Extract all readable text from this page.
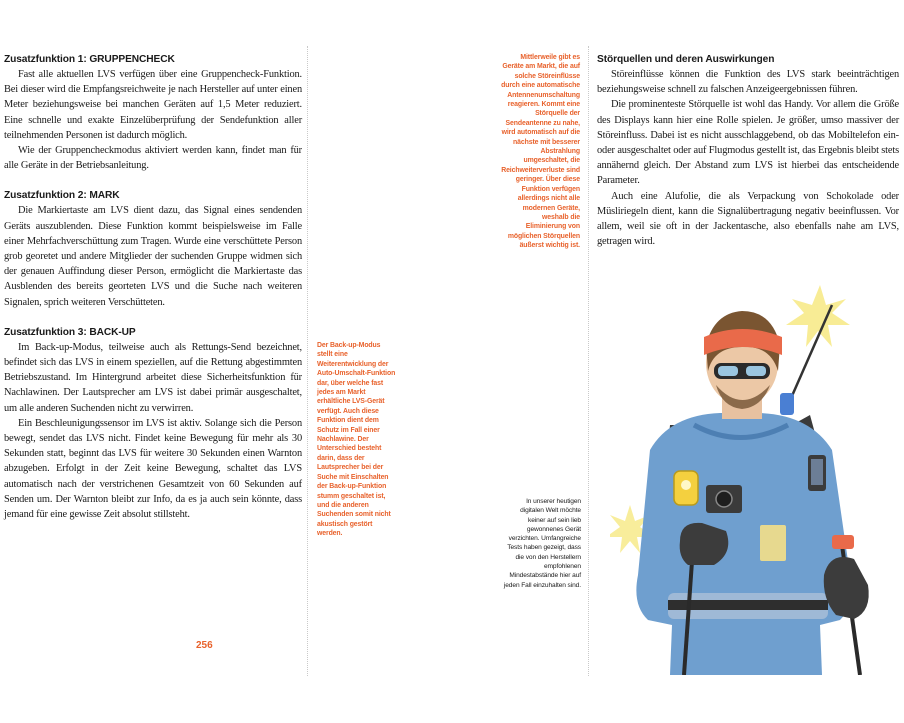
Zusatzfunktion 1: GRUPPENCHECK

Fast alle aktuellen LVS verfügen über eine Gruppencheck-Funktion. Bei dieser wird die Empfangsreichweite je nach Hersteller auf unter einen Meter beziehungsweise bei manchen Geräten auf 1,5 Meter reduziert. Eine schnelle und exakte Einzelüberprüfung der Sendefunktion aller teilnehmenden Personen ist dadurch möglich.

Wie der Gruppencheckmodus aktiviert werden kann, findet man für alle Geräte in der Betriebsanleitung.

Zusatzfunktion 2: MARK

Die Markiertaste am LVS dient dazu, das Signal eines sendenden Geräts auszublenden. Diese Funktion kommt beispielsweise im Falle einer Mehrfachverschüttung zum Tragen. Wurde eine verschüttete Person grob georetet und andere Mitglieder der suchenden Gruppe widmen sich der genauen Auffindung dieser Person, ermöglicht die Markiertaste das Ausblenden des bereits georteten LVS und die Suche nach weiteren Signalen, sprich weiteren Verschütteten.

Zusatzfunktion 3: BACK-UP

Im Back-up-Modus, teilweise auch als Rettungs-Send bezeichnet, befindet sich das LVS in einem speziellen, auf die Rettung abgestimmten Betriebszustand. Im Hintergrund arbeitet diese Sicherheitsfunktion für Nachlawinen. Der Lautsprecher am LVS ist dabei primär ausgeschaltet, um alle anderen Suchenden nicht zu verwirren.

Ein Beschleunigungssensor im LVS ist aktiv. Solange sich die Person bewegt, sendet das LVS nicht. Findet keine Bewegung für mehr als 30 Sekunden statt, beginnt das LVS für weitere 30 Sekunden einen Warnton abzugeben. Erfolgt in der Zeit keine Bewegung, schaltet das LVS automatisch nach der verstrichenen Gesamtzeit von 60 Sekunden auf Senden um. Der Warnton bleibt zur Info, da es ja auch sein könnte, dass jemand für eine gewisse Zeit absolut stillsteht.

Mittlerweile gibt es Geräte am Markt, die auf solche Störeinflüsse durch eine automatische Antennenumschaltung reagieren. Kommt eine Störquelle der Sendeantenne zu nahe, wird automatisch auf die nächste mit besserer Abstrahlung umgeschaltet, die Reichweiterverluste sind geringer. Über diese Funktion verfügen allerdings nicht alle modernen Geräte, weshalb die Eliminierung von möglichen Störquellen äußerst wichtig ist.

Der Back-up-Modus stellt eine Weiterentwicklung der Auto-Umschalt-Funktion dar, über welche fast jedes am Markt erhältliche LVS-Gerät verfügt. Auch diese Funktion dient dem Schutz im Fall einer Nachlawine. Der Unterschied besteht darin, dass der Lautsprecher bei der Suche mit Einschalten der Back-up-Funktion stumm geschaltet ist, und die anderen Suchenden somit nicht akustisch gestört werden.

In unserer heutigen digitalen Welt möchte keiner auf sein lieb gewonnenes Gerät verzichten. Umfangreiche Tests haben gezeigt, dass die von den Herstellern empfohlenen Mindestabstände hier auf jeden Fall einzuhalten sind.

256
Störquellen und deren Auswirkungen

Störeinflüsse können die Funktion des LVS stark beeinträchtigen beziehungsweise schnell zu falschen Anzeigeergebnissen führen.

Die prominenteste Störquelle ist wohl das Handy. Vor allem die Größe des Displays kann hier eine Rolle spielen. Je größer, umso massiver der Störeinfluss. Dabei ist es nicht ausschlaggebend, ob das Mobiltelefon ein- oder ausgeschaltet oder auf Flugmodus gestellt ist, das Ergebnis bleibt stets annähernd gleich. Der Abstand zum LVS ist hierbei das entscheidende Parameter.

Auch eine Alufolie, die als Verpackung von Schokolade oder Müsliriegeln dient, kann die Signalübertragung negativ beeinflussen. Vor allem, weil sie oft in der Jackentasche, also ebenfalls nahe am LVS, getragen wird.
